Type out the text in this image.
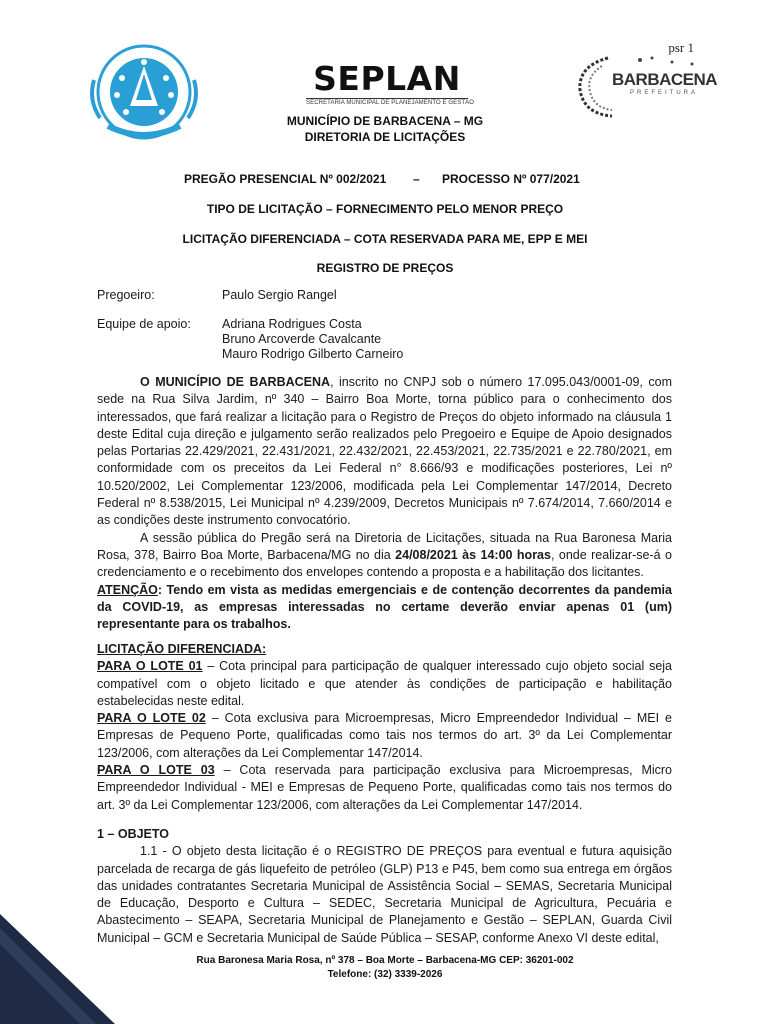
psr 1
SEPLAN
SECRETARIA MUNICIPAL DE PLANEJAMENTO E GESTÃO
BARBACENA
PREFEITURA
MUNICÍPIO DE BARBACENA – MG
DIRETORIA DE LICITAÇÕES
PREGÃO PRESENCIAL Nº 002/2021 – PROCESSO Nº 077/2021
TIPO DE LICITAÇÃO – FORNECIMENTO PELO MENOR PREÇO
LICITAÇÃO DIFERENCIADA – COTA RESERVADA PARA ME, EPP E MEI
REGISTRO DE PREÇOS
Pregoeiro:	Paulo Sergio Rangel
Equipe de apoio: Adriana Rodrigues Costa
Bruno Arcoverde Cavalcante
Mauro Rodrigo Gilberto Carneiro

O MUNICÍPIO DE BARBACENA, inscrito no CNPJ sob o número 17.095.043/0001-09, com sede na Rua Silva Jardim, nº 340 – Bairro Boa Morte, torna público para o conhecimento dos interessados, que fará realizar a licitação para o Registro de Preços do objeto informado na cláusula 1 deste Edital cuja direção e julgamento serão realizados pelo Pregoeiro e Equipe de Apoio designados pelas Portarias 22.429/2021, 22.431/2021, 22.432/2021, 22.453/2021, 22.735/2021 e 22.780/2021, em conformidade com os preceitos da Lei Federal n° 8.666/93 e modificações posteriores, Lei nº 10.520/2002, Lei Complementar 123/2006, modificada pela Lei Complementar 147/2014, Decreto Federal nº 8.538/2015, Lei Municipal nº 4.239/2009, Decretos Municipais nº 7.674/2014, 7.660/2014 e as condições deste instrumento convocatório.

A sessão pública do Pregão será na Diretoria de Licitações, situada na Rua Baronesa Maria Rosa, 378, Bairro Boa Morte, Barbacena/MG no dia 24/08/2021 às 14:00 horas, onde realizar-se-á o credenciamento e o recebimento dos envelopes contendo a proposta e a habilitação dos licitantes.

ATENÇÃO: Tendo em vista as medidas emergenciais e de contenção decorrentes da pandemia da COVID-19, as empresas interessadas no certame deverão enviar apenas 01 (um) representante para os trabalhos.

LICITAÇÃO DIFERENCIADA:

PARA O LOTE 01 – Cota principal para participação de qualquer interessado cujo objeto social seja compatível com o objeto licitado e que atender às condições de participação e habilitação estabelecidas neste edital.

PARA O LOTE 02 – Cota exclusiva para Microempresas, Micro Empreendedor Individual – MEI e Empresas de Pequeno Porte, qualificadas como tais nos termos do art. 3º da Lei Complementar 123/2006, com alterações da Lei Complementar 147/2014.

PARA O LOTE 03 – Cota reservada para participação exclusiva para Microempresas, Micro Empreendedor Individual - MEI e Empresas de Pequeno Porte, qualificadas como tais nos termos do art. 3º da Lei Complementar 123/2006, com alterações da Lei Complementar 147/2014.

1 – OBJETO

1.1 - O objeto desta licitação é o REGISTRO DE PREÇOS para eventual e futura aquisição parcelada de recarga de gás liquefeito de petróleo (GLP) P13 e P45, bem como sua entrega em órgãos das unidades contratantes Secretaria Municipal de Assistência Social – SEMAS, Secretaria Municipal de Educação, Desporto e Cultura – SEDEC, Secretaria Municipal de Agricultura, Pecuária e Abastecimento – SEAPA, Secretaria Municipal de Planejamento e Gestão – SEPLAN, Guarda Civil Municipal – GCM e Secretaria Municipal de Saúde Pública – SESAP, conforme Anexo VI deste edital,

Rua Baronesa Maria Rosa, nº 378 – Boa Morte – Barbacena-MG CEP: 36201-002
Telefone: (32) 3339-2026
